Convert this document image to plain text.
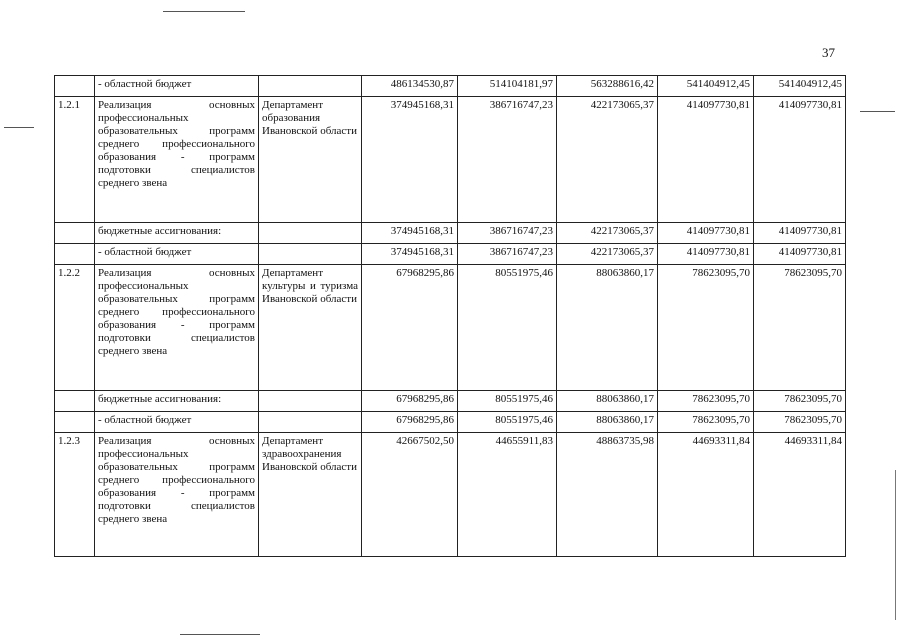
37
	- областной бюджет		486134530,87	514104181,97	563288616,42	541404912,45	541404912,45
1.2.1	Реализация основных профессиональных образовательных программ среднего профессионального образования - программ подготовки специалистов среднего звена	Департамент образования Ивановской области	374945168,31	386716747,23	422173065,37	414097730,81	414097730,81
	бюджетные ассигнования:		374945168,31	386716747,23	422173065,37	414097730,81	414097730,81
	- областной бюджет		374945168,31	386716747,23	422173065,37	414097730,81	414097730,81
1.2.2	Реализация основных профессиональных образовательных программ среднего профессионального образования - программ подготовки специалистов среднего звена	Департамент культуры и туризма Ивановской области	67968295,86	80551975,46	88063860,17	78623095,70	78623095,70
	бюджетные ассигнования:		67968295,86	80551975,46	88063860,17	78623095,70	78623095,70
	- областной бюджет		67968295,86	80551975,46	88063860,17	78623095,70	78623095,70
1.2.3	Реализация основных профессиональных образовательных программ среднего профессионального образования - программ подготовки специалистов среднего звена	Департамент здравоохранения Ивановской области	42667502,50	44655911,83	48863735,98	44693311,84	44693311,84
